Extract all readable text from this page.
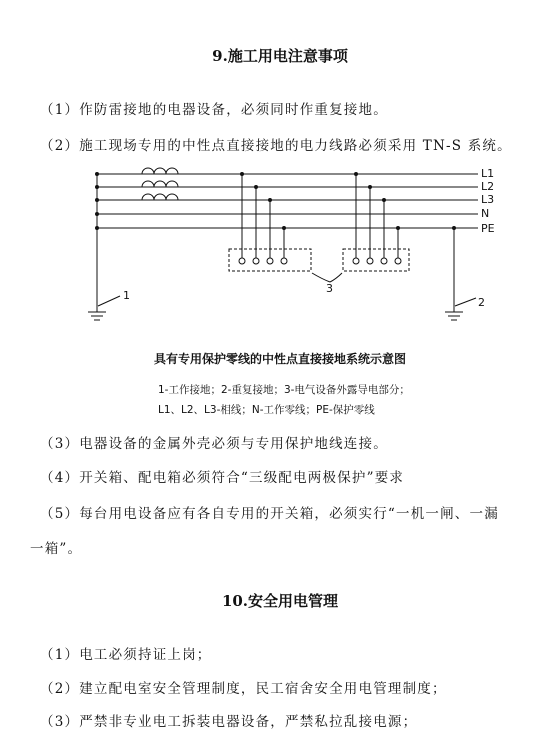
9.施工用电注意事项
（1）作防雷接地的电器设备，必须同时作重复接地。
（2）施工现场专用的中性点直接接地的电力线路必须采用 TN-S 系统。
L1
L2
L3
N
PE
1
2
3
具有专用保护零线的中性点直接接地系统示意图
1-工作接地；2-重复接地；3-电气设备外露导电部分；
L1、L2、L3-相线；N-工作零线；PE-保护零线
（3）电器设备的金属外壳必须与专用保护地线连接。
（4）开关箱、配电箱必须符合“三级配电两极保护”要求
（5）每台用电设备应有各自专用的开关箱，必须实行“一机一闸、一漏
一箱”。
10.安全用电管理
（1）电工必须持证上岗；
（2）建立配电室安全管理制度，民工宿舍安全用电管理制度；
（3）严禁非专业电工拆装电器设备，严禁私拉乱接电源；
